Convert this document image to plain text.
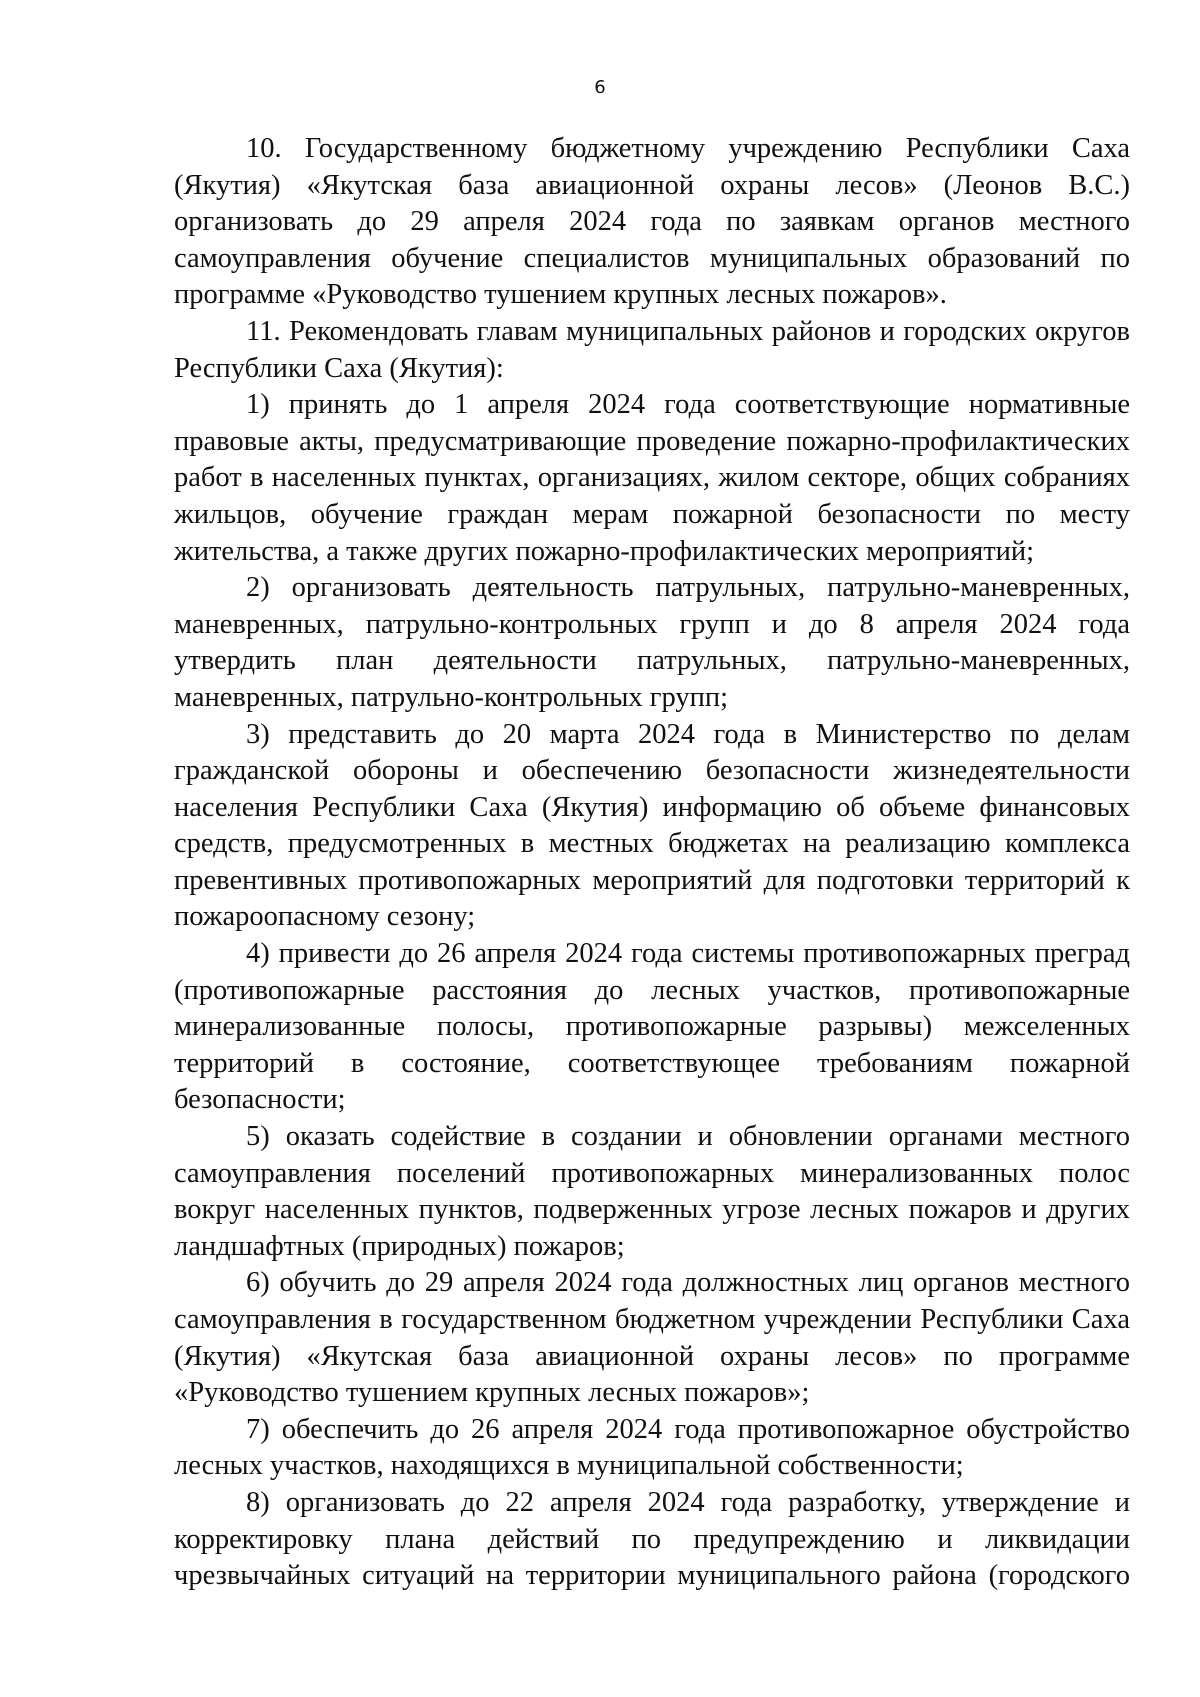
6

10. Государственному бюджетному учреждению Республики Саха (Якутия) «Якутская база авиационной охраны лесов» (Леонов В.С.) организовать до 29 апреля 2024 года по заявкам органов местного самоуправления обучение специалистов муниципальных образований по программе «Руководство тушением крупных лесных пожаров».

11. Рекомендовать главам муниципальных районов и городских округов Республики Саха (Якутия):

1) принять до 1 апреля 2024 года соответствующие нормативные правовые акты, предусматривающие проведение пожарно-профилактических работ в населенных пунктах, организациях, жилом секторе, общих собраниях жильцов, обучение граждан мерам пожарной безопасности по месту жительства, а также других пожарно-профилактических мероприятий;

2) организовать деятельность патрульных, патрульно-маневренных, маневренных, патрульно-контрольных групп и до 8 апреля 2024 года утвердить план деятельности патрульных, патрульно-маневренных, маневренных, патрульно-контрольных групп;

3) представить до 20 марта 2024 года в Министерство по делам гражданской обороны и обеспечению безопасности жизнедеятельности населения Республики Саха (Якутия) информацию об объеме финансовых средств, предусмотренных в местных бюджетах на реализацию комплекса превентивных противопожарных мероприятий для подготовки территорий к пожароопасному сезону;

4) привести до 26 апреля 2024 года системы противопожарных преград (противопожарные расстояния до лесных участков, противопожарные минерализованные полосы, противопожарные разрывы) межселенных территорий в состояние, соответствующее требованиям пожарной безопасности;

5) оказать содействие в создании и обновлении органами местного самоуправления поселений противопожарных минерализованных полос вокруг населенных пунктов, подверженных угрозе лесных пожаров и других ландшафтных (природных) пожаров;

6) обучить до 29 апреля 2024 года должностных лиц органов местного самоуправления в государственном бюджетном учреждении Республики Саха (Якутия) «Якутская база авиационной охраны лесов» по программе «Руководство тушением крупных лесных пожаров»;

7) обеспечить до 26 апреля 2024 года противопожарное обустройство лесных участков, находящихся в муниципальной собственности;

8) организовать до 22 апреля 2024 года разработку, утверждение и корректировку плана действий по предупреждению и ликвидации чрезвычайных ситуаций на территории муниципального района (городского
